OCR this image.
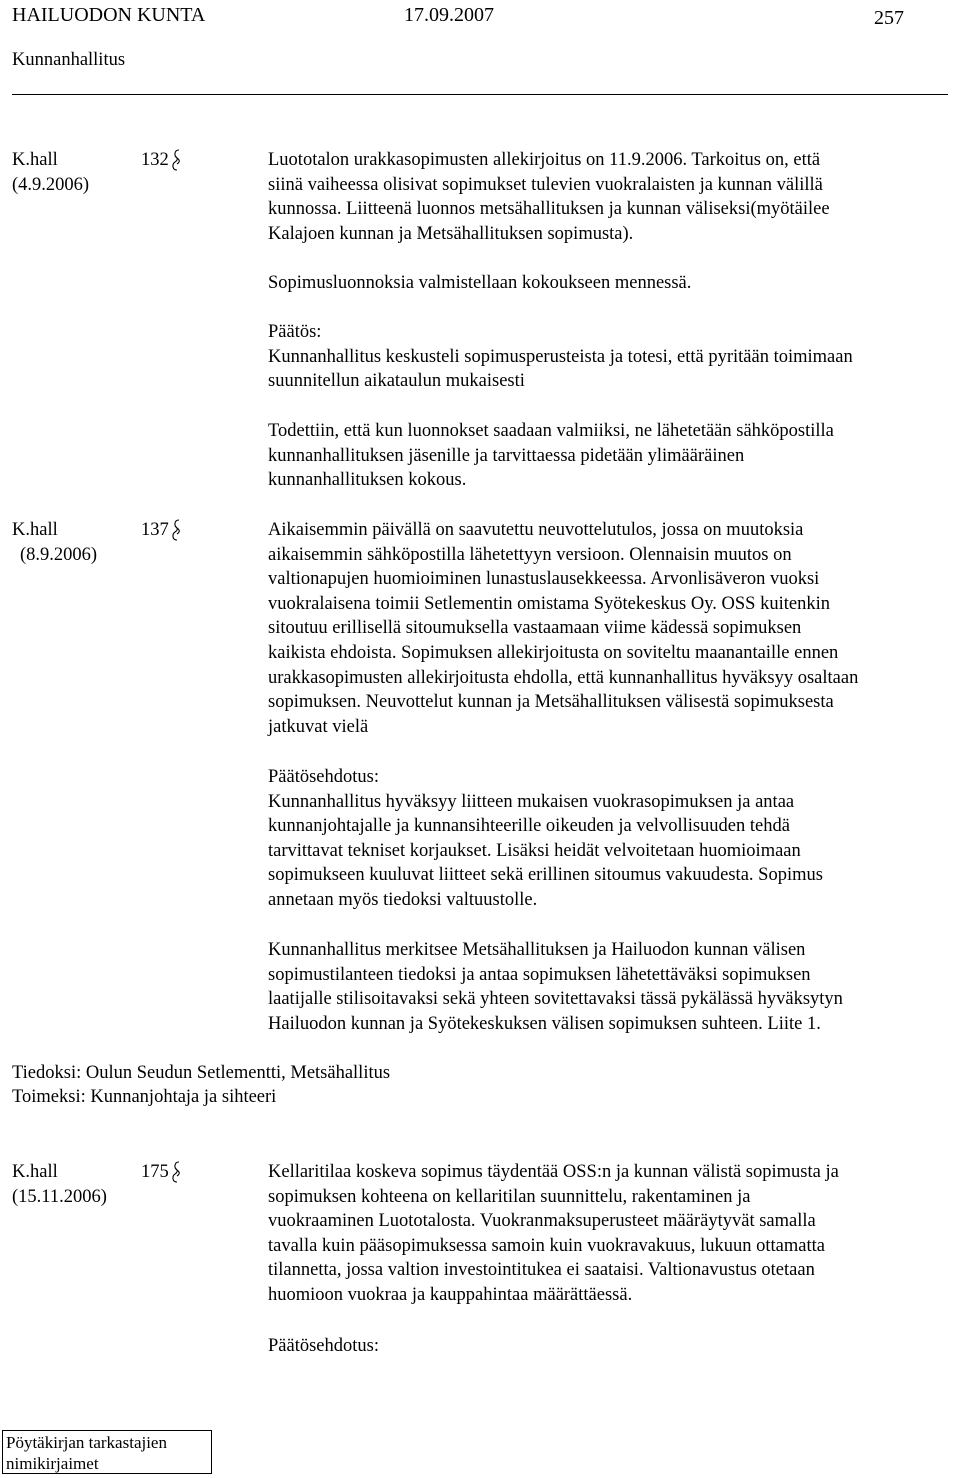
HAILUODON KUNTA	17.09.2007	257
Kunnanhallitus
K.hall
(4.9.2006)
132	Luototalon urakkasopimusten allekirjoitus on 11.9.2006. Tarkoitus on, että

siinä vaiheessa olisivat sopimukset tulevien vuokralaisten ja kunnan välillä

kunnossa. Liitteenä luonnos metsähallituksen ja kunnan väliseksi(myötäilee

Kalajoen kunnan ja Metsähallituksen sopimusta).

Sopimusluonnoksia valmistellaan kokoukseen mennessä.

Päätös:

Kunnanhallitus keskusteli sopimusperusteista ja totesi, että pyritään toimimaan

suunnitellun aikataulun mukaisesti

Todettiin, että kun luonnokset saadaan valmiiksi, ne lähetetään sähköpostilla

kunnanhallituksen jäsenille ja tarvittaessa pidetään ylimääräinen

kunnanhallituksen kokous.

K.hall
(8.9.2006)
137	Aikaisemmin päivällä on saavutettu neuvottelutulos, jossa on muutoksia

aikaisemmin sähköpostilla lähetettyyn versioon. Olennaisin muutos on

valtionapujen huomioiminen lunastuslausekkeessa. Arvonlisäveron vuoksi

vuokralaisena toimii Setlementin omistama Syötekeskus Oy. OSS kuitenkin

sitoutuu erillisellä sitoumuksella vastaamaan viime kädessä sopimuksen

kaikista ehdoista. Sopimuksen allekirjoitusta on soviteltu maanantaille ennen

urakkasopimusten allekirjoitusta ehdolla, että kunnanhallitus hyväksyy osaltaan

sopimuksen. Neuvottelut kunnan ja Metsähallituksen välisestä sopimuksesta

jatkuvat vielä

Päätösehdotus:

Kunnanhallitus hyväksyy liitteen mukaisen vuokrasopimuksen ja antaa

kunnanjohtajalle ja kunnansihteerille oikeuden ja velvollisuuden tehdä

tarvittavat tekniset korjaukset. Lisäksi heidät velvoitetaan huomioimaan

sopimukseen kuuluvat liitteet sekä erillinen sitoumus vakuudesta. Sopimus

annetaan myös tiedoksi valtuustolle.

Kunnanhallitus merkitsee Metsähallituksen ja Hailuodon kunnan välisen

sopimustilanteen tiedoksi ja antaa sopimuksen lähetettäväksi sopimuksen

laatijalle stilisoitavaksi sekä yhteen sovitettavaksi tässä pykälässä hyväksytyn

Hailuodon kunnan ja Syötekeskuksen välisen sopimuksen suhteen. Liite 1.

Tiedoksi: Oulun Seudun Setlementti, Metsähallitus
Toimeksi: Kunnanjohtaja ja sihteeri
K.hall
(15.11.2006)
175	Kellaritilaa koskeva sopimus täydentää OSS:n ja kunnan välistä sopimusta ja

sopimuksen kohteena on kellaritilan suunnittelu, rakentaminen ja

vuokraaminen Luototalosta. Vuokranmaksuperusteet määräytyvät samalla

tavalla kuin pääsopimuksessa samoin kuin vuokravakuus, lukuun ottamatta

tilannetta, jossa valtion investointitukea ei saataisi. Valtionavustus otetaan

huomioon vuokraa ja kauppahintaa määrättäessä.

Päätösehdotus:

Pöytäkirjan tarkastajien
nimikirjaimet
